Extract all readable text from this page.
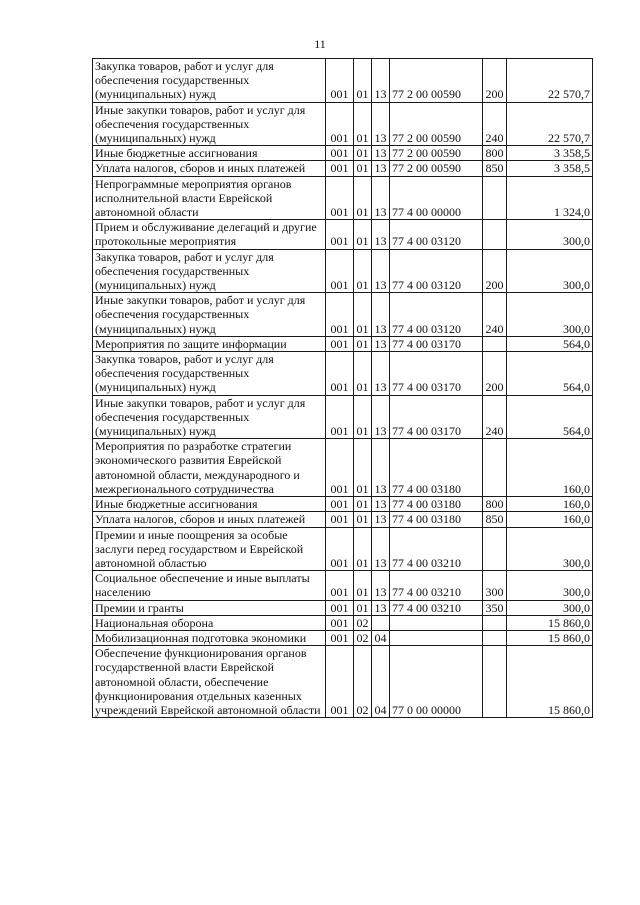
11
Закупка товаров, работ и услуг для обеспечения государственных (муниципальных) нужд	001	01	13	77 2 00 00590	200	22 570,7
Иные закупки товаров, работ и услуг для обеспечения государственных (муниципальных) нужд	001	01	13	77 2 00 00590	240	22 570,7
Иные бюджетные ассигнования	001	01	13	77 2 00 00590	800	3 358,5
Уплата налогов, сборов и иных платежей	001	01	13	77 2 00 00590	850	3 358,5
Непрограммные мероприятия органов исполнительной власти Еврейской автономной области	001	01	13	77 4 00 00000		1 324,0
Прием и обслуживание делегаций и другие протокольные мероприятия	001	01	13	77 4 00 03120		300,0
Закупка товаров, работ и услуг для обеспечения государственных (муниципальных) нужд	001	01	13	77 4 00 03120	200	300,0
Иные закупки товаров, работ и услуг для обеспечения государственных (муниципальных) нужд	001	01	13	77 4 00 03120	240	300,0
Мероприятия по защите информации	001	01	13	77 4 00 03170		564,0
Закупка товаров, работ и услуг для обеспечения государственных (муниципальных) нужд	001	01	13	77 4 00 03170	200	564,0
Иные закупки товаров, работ и услуг для обеспечения государственных (муниципальных) нужд	001	01	13	77 4 00 03170	240	564,0
Мероприятия по разработке стратегии экономического развития Еврейской автономной области, международного и межрегионального сотрудничества	001	01	13	77 4 00 03180		160,0
Иные бюджетные ассигнования	001	01	13	77 4 00 03180	800	160,0
Уплата налогов, сборов и иных платежей	001	01	13	77 4 00 03180	850	160,0
Премии и иные поощрения за особые заслуги перед государством и Еврейской автономной областью	001	01	13	77 4 00 03210		300,0
Социальное обеспечение и иные выплаты населению	001	01	13	77 4 00 03210	300	300,0
Премии и гранты	001	01	13	77 4 00 03210	350	300,0
Национальная оборона	001	02				15 860,0
Мобилизационная подготовка экономики	001	02	04			15 860,0
Обеспечение функционирования органов государственной власти Еврейской автономной области, обеспечение функционирования отдельных казенных учреждений Еврейской автономной области	001	02	04	77 0 00 00000		15 860,0
